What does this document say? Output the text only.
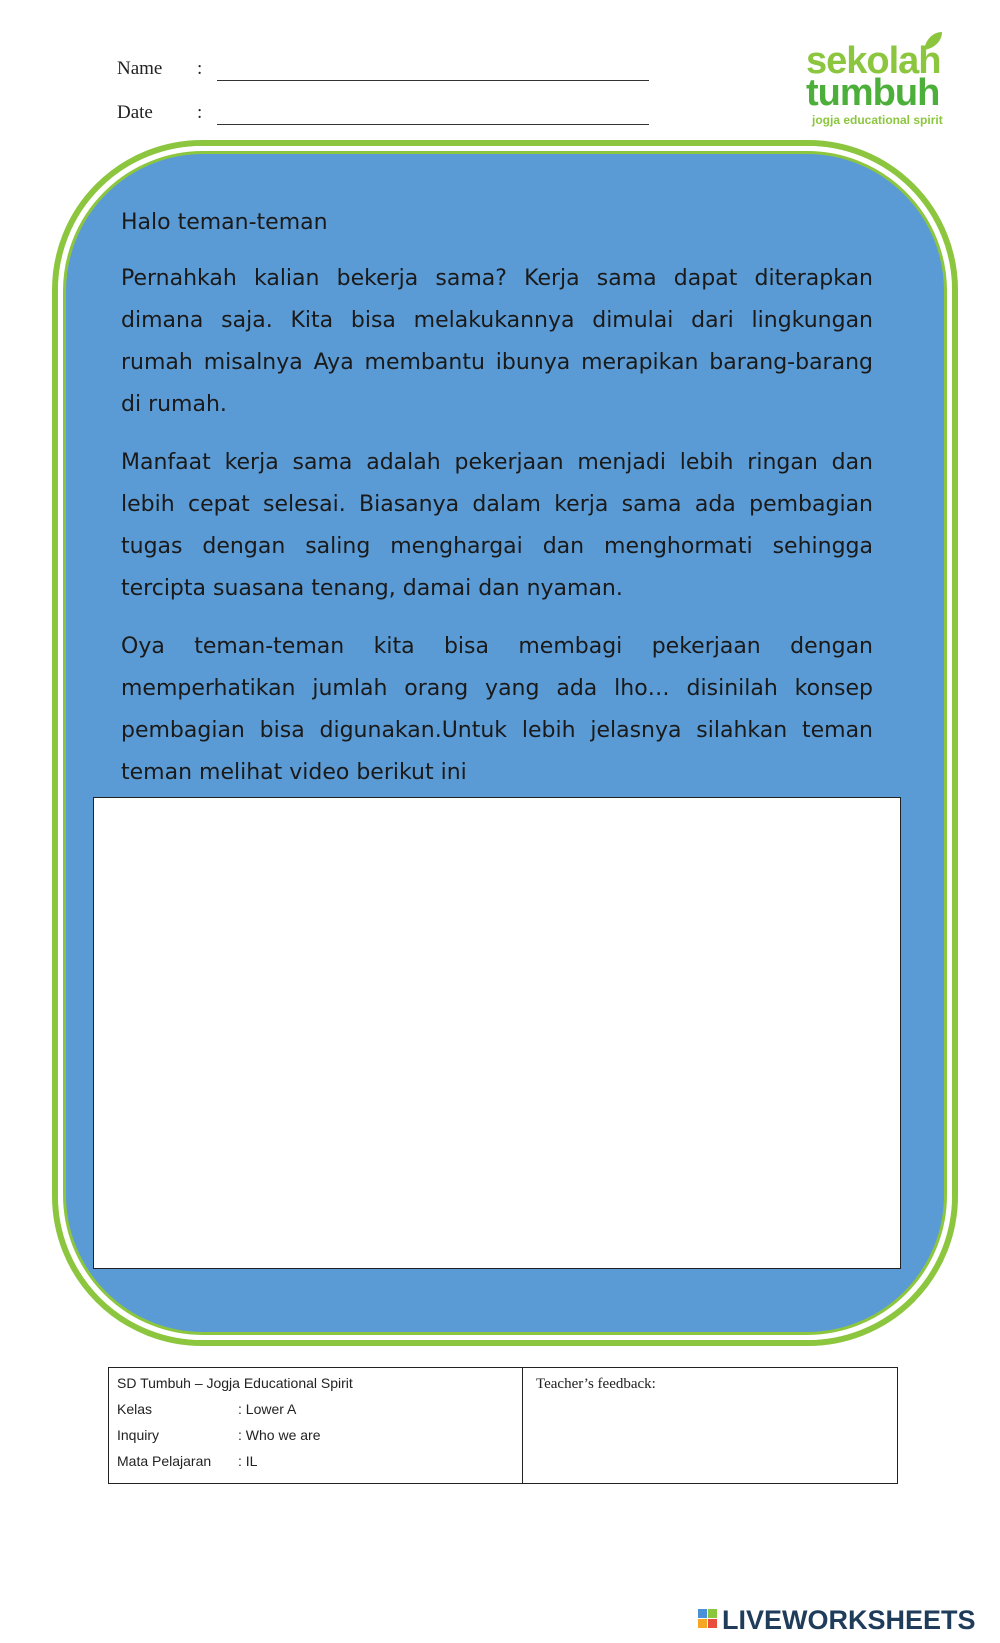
Name :
Date :
sekolah
tumbuh
jogja educational spirit

Halo teman-teman

Pernahkah kalian bekerja sama? Kerja sama dapat diterapkan dimana saja. Kita bisa melakukannya dimulai dari lingkungan rumah misalnya Aya membantu ibunya merapikan barang-barang di rumah.

Manfaat kerja sama adalah pekerjaan menjadi lebih ringan dan lebih cepat selesai. Biasanya dalam kerja sama ada pembagian tugas dengan saling menghargai dan menghormati sehingga tercipta suasana tenang, damai dan nyaman.

Oya teman-teman kita bisa membagi pekerjaan dengan memperhatikan jumlah orang yang ada lho… disinilah konsep pembagian bisa digunakan.Untuk lebih jelasnya silahkan teman teman melihat video berikut ini

SD Tumbuh – Jogja Educational Spirit
Kelas	: Lower A
Inquiry	: Who we are
Mata Pelajaran : IL
Teacher’s feedback:
LIVEWORKSHEETS
